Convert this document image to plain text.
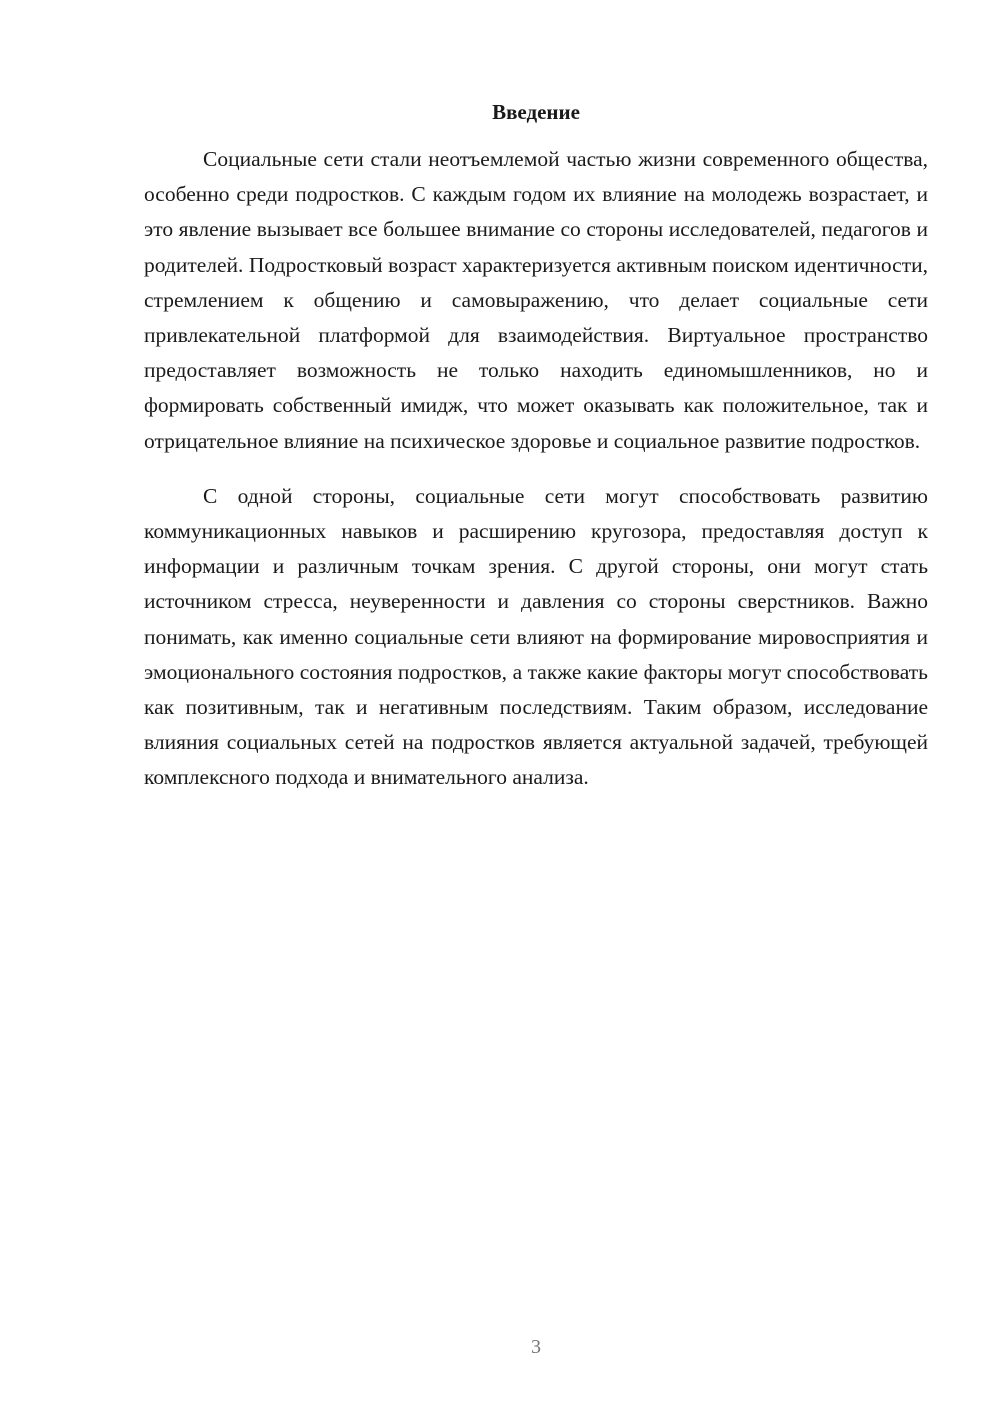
Введение

Социальные сети стали неотъемлемой частью жизни современного общества, особенно среди подростков. С каждым годом их влияние на молодежь возрастает, и это явление вызывает все большее внимание со стороны исследователей, педагогов и родителей. Подростковый возраст характеризуется активным поиском идентичности, стремлением к общению и самовыражению, что делает социальные сети привлекательной платформой для взаимодействия. Виртуальное пространство предоставляет возможность не только находить единомышленников, но и формировать собственный имидж, что может оказывать как положительное, так и отрицательное влияние на психическое здоровье и социальное развитие подростков.

С одной стороны, социальные сети могут способствовать развитию коммуникационных навыков и расширению кругозора, предоставляя доступ к информации и различным точкам зрения. С другой стороны, они могут стать источником стресса, неуверенности и давления со стороны сверстников. Важно понимать, как именно социальные сети влияют на формирование мировосприятия и эмоционального состояния подростков, а также какие факторы могут способствовать как позитивным, так и негативным последствиям. Таким образом, исследование влияния социальных сетей на подростков является актуальной задачей, требующей комплексного подхода и внимательного анализа.

3
